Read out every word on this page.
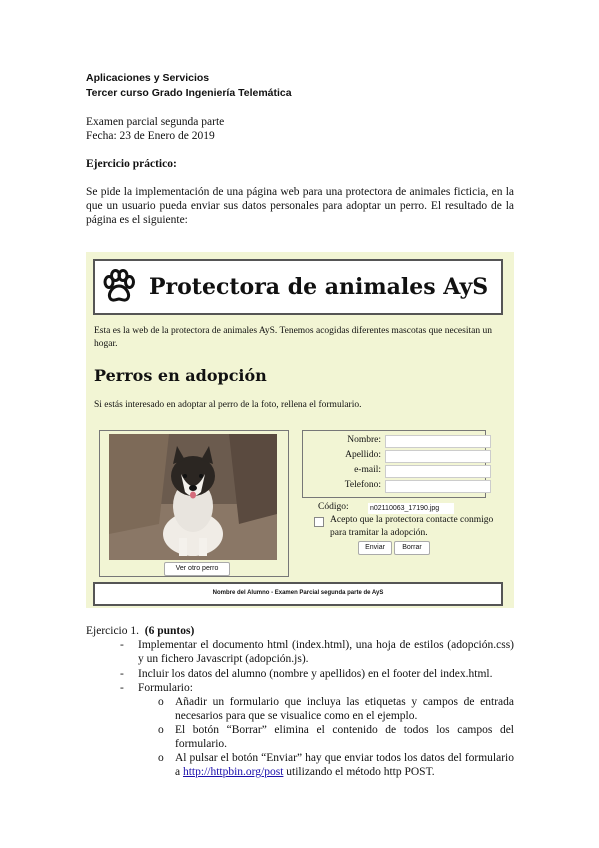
Aplicaciones y Servicios
Tercer curso Grado Ingeniería Telemática
Examen parcial segunda parte
Fecha: 23 de Enero de 2019
Ejercicio práctico:
Se pide la implementación de una página web para una protectora de animales ficticia, en la que un usuario pueda enviar sus datos personales para adoptar un perro. El resultado de la página es el siguiente:
Protectora de animales AyS
Esta es la web de la protectora de animales AyS. Tenemos acogidas diferentes mascotas que necesitan un hogar.
Perros en adopción
Si estás interesado en adoptar al perro de la foto, rellena el formulario.
Ver otro perro
Nombre:
Apellido:
e-mail:
Telefono:
Código:	n02110063_17190.jpg
Acepto que la protectora contacte conmigo para tramitar la adopción.
Enviar	Borrar
Nombre del Alumno - Examen Parcial segunda parte de AyS
Ejercicio 1. (6 puntos)
- Implementar el documento html (index.html), una hoja de estilos (adopción.css) y un fichero Javascript (adopción.js).
- Incluir los datos del alumno (nombre y apellidos) en el footer del index.html.
- Formulario:
o Añadir un formulario que incluya las etiquetas y campos de entrada necesarios para que se visualice como en el ejemplo.
o El botón “Borrar” elimina el contenido de todos los campos del formulario.
o Al pulsar el botón “Enviar” hay que enviar todos los datos del formulario a http://httpbin.org/post utilizando el método http POST.
